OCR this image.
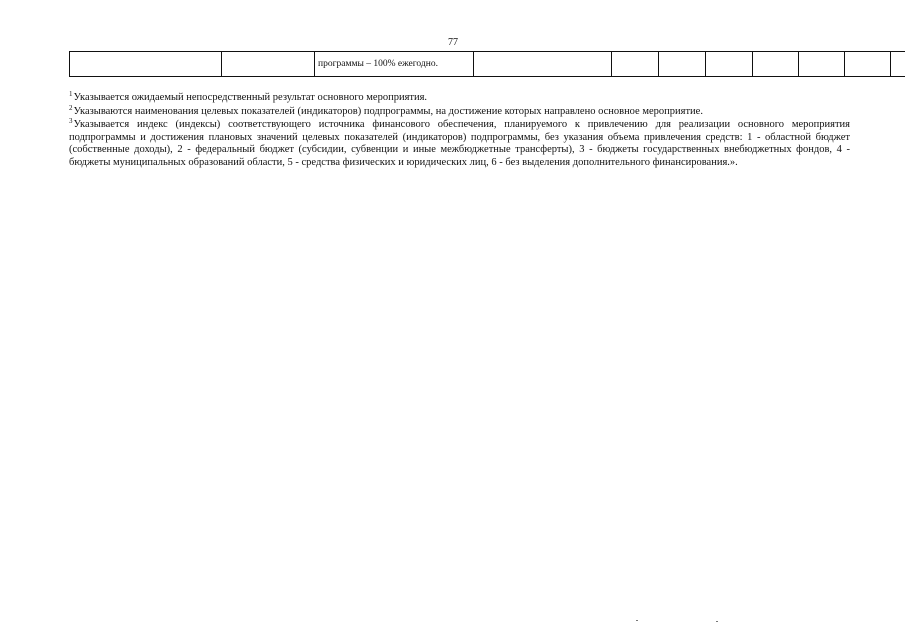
77
		программы – 100% ежегодно.								

$^1$Указывается ожидаемый непосредственный результат основного мероприятия.

$^2$Указываются наименования целевых показателей (индикаторов) подпрограммы, на достижение которых направлено основное мероприятие.

$^3$Указывается индекс (индексы) соответствующего источника финансового обеспечения, планируемого к привлечению для реализации основного мероприятия подпрограммы и достижения плановых значений целевых показателей (индикаторов) подпрограммы, без указания объема привлечения средств: 1 - областной бюджет (собственные доходы), 2 - федеральный бюджет (субсидии, субвенции и иные межбюджетные трансферты), 3 - бюджеты государственных внебюджетных фондов, 4 - бюджеты муниципальных образований области, 5 - средства физических и юридических лиц, 6 - без выделения дополнительного финансирования.».
